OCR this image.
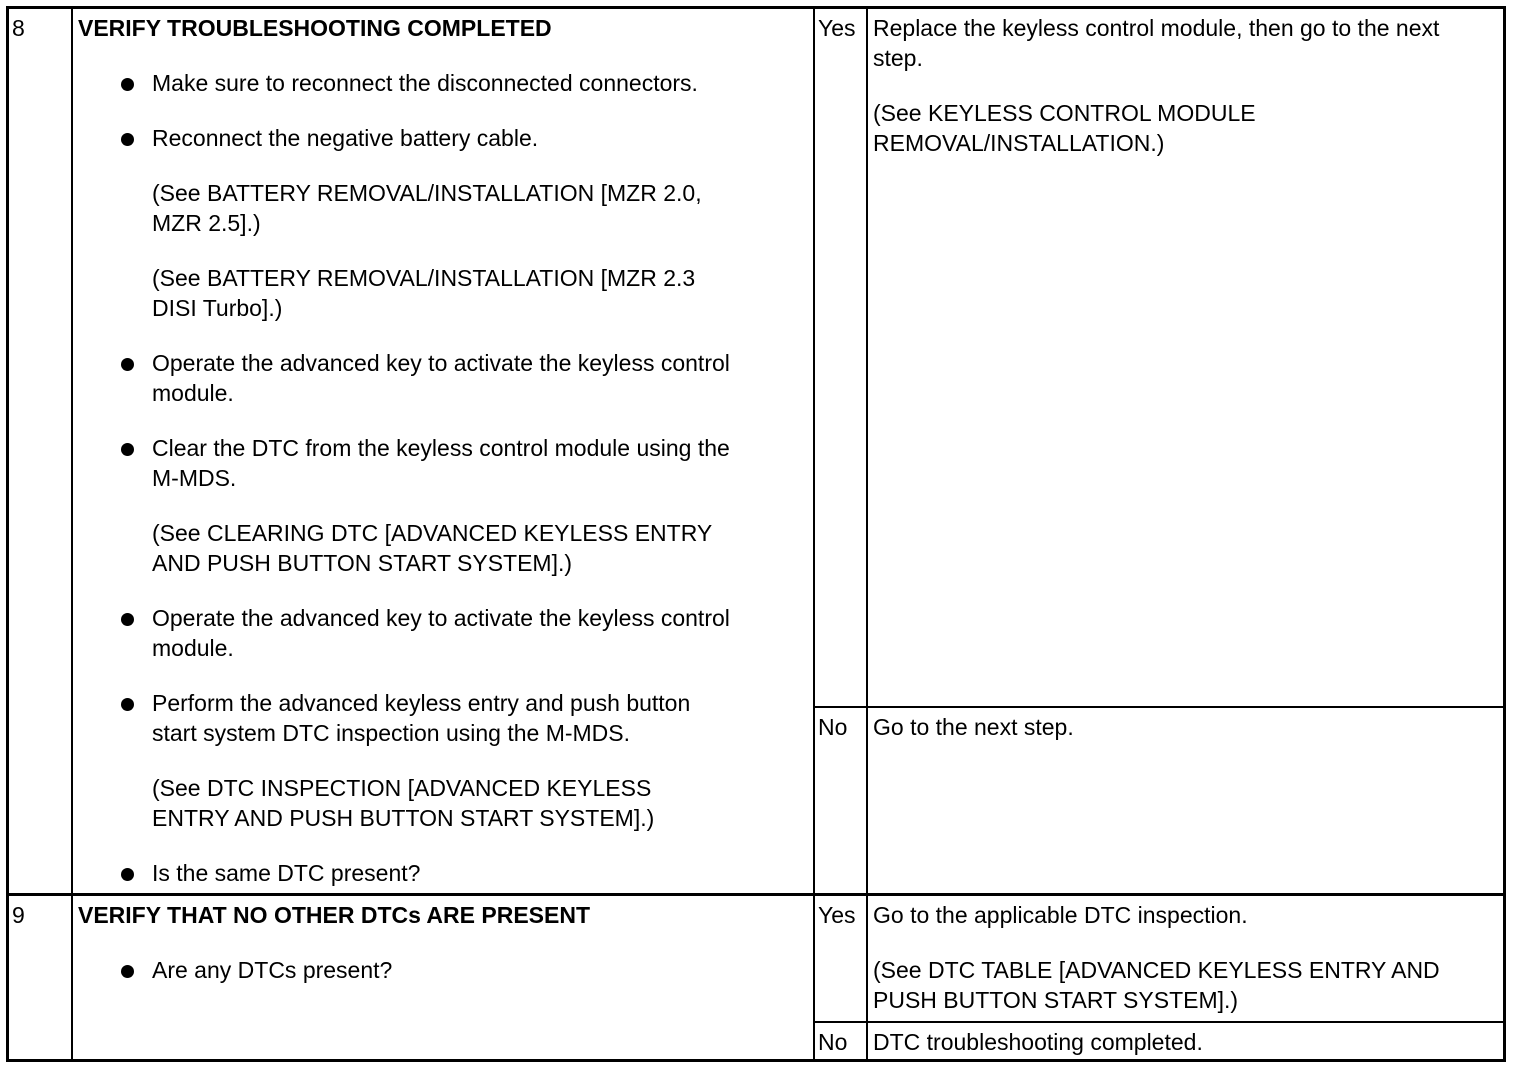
8 VERIFY TROUBLESHOOTING COMPLETED
Make sure to reconnect the disconnected connectors.
Reconnect the negative battery cable.
(See BATTERY REMOVAL/INSTALLATION [MZR 2.0,
MZR 2.5].)
(See BATTERY REMOVAL/INSTALLATION [MZR 2.3
DISI Turbo].)
Operate the advanced key to activate the keyless control
module.
Clear the DTC from the keyless control module using the
M-MDS.
(See CLEARING DTC [ADVANCED KEYLESS ENTRY
AND PUSH BUTTON START SYSTEM].)
Operate the advanced key to activate the keyless control
module.
Perform the advanced keyless entry and push button
start system DTC inspection using the M-MDS.
(See DTC INSPECTION [ADVANCED KEYLESS
ENTRY AND PUSH BUTTON START SYSTEM].)
Is the same DTC present?
Yes Replace the keyless control module, then go to the next
step.
(See KEYLESS CONTROL MODULE
REMOVAL/INSTALLATION.)
No Go to the next step.
9 VERIFY THAT NO OTHER DTCs ARE PRESENT
Are any DTCs present?
Yes Go to the applicable DTC inspection.
(See DTC TABLE [ADVANCED KEYLESS ENTRY AND
PUSH BUTTON START SYSTEM].)
No DTC troubleshooting completed.
